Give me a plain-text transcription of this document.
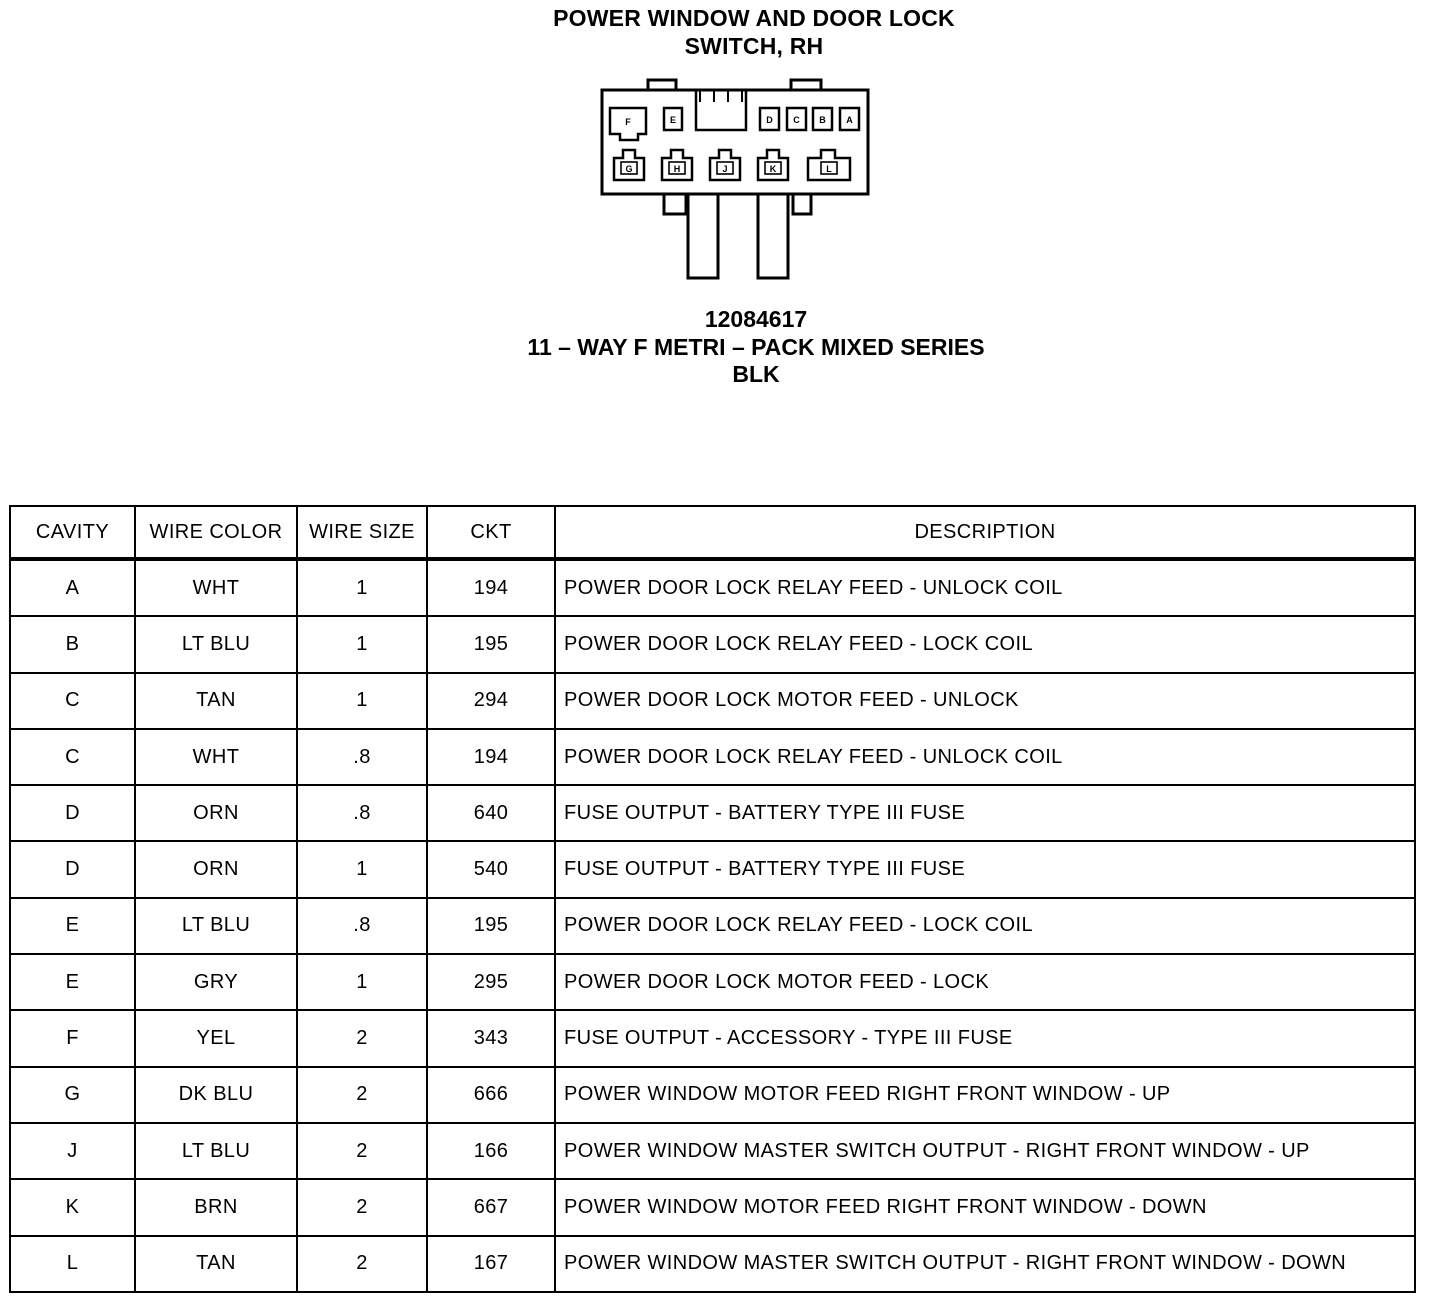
POWER WINDOW AND DOOR LOCK
SWITCH, RH
F	E	D C B A
G	H	J	K	L
12084617
11 – WAY F METRI – PACK MIXED SERIES
BLK
CAVITY	WIRE COLOR	WIRE SIZE	CKT	DESCRIPTION
A	WHT	1	194	POWER DOOR LOCK RELAY FEED - UNLOCK COIL
B	LT BLU	1	195	POWER DOOR LOCK RELAY FEED - LOCK COIL
C	TAN	1	294	POWER DOOR LOCK MOTOR FEED - UNLOCK
C	WHT	.8	194	POWER DOOR LOCK RELAY FEED - UNLOCK COIL
D	ORN	.8	640	FUSE OUTPUT - BATTERY TYPE III FUSE
D	ORN	1	540	FUSE OUTPUT - BATTERY TYPE III FUSE
E	LT BLU	.8	195	POWER DOOR LOCK RELAY FEED - LOCK COIL
E	GRY	1	295	POWER DOOR LOCK MOTOR FEED - LOCK
F	YEL	2	343	FUSE OUTPUT - ACCESSORY - TYPE III FUSE
G	DK BLU	2	666	POWER WINDOW MOTOR FEED RIGHT FRONT WINDOW - UP
J	LT BLU	2	166	POWER WINDOW MASTER SWITCH OUTPUT - RIGHT FRONT WINDOW - UP
K	BRN	2	667	POWER WINDOW MOTOR FEED RIGHT FRONT WINDOW - DOWN
L	TAN	2	167	POWER WINDOW MASTER SWITCH OUTPUT - RIGHT FRONT WINDOW - DOWN
